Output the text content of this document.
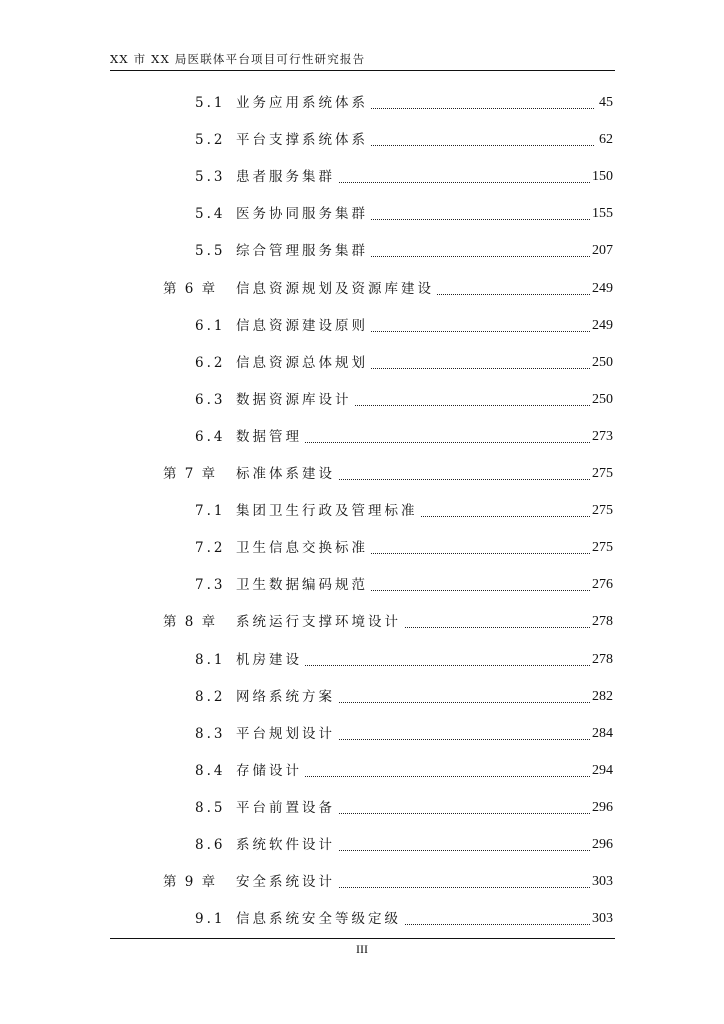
XX 市 XX 局医联体平台项目可行性研究报告
5.1 业务应用系统体系	45
5.2 平台支撑系统体系	62
5.3 患者服务集群	150
5.4 医务协同服务集群	155
5.5 综合管理服务集群	207
第 6 章 信息资源规划及资源库建设	249
6.1 信息资源建设原则	249
6.2 信息资源总体规划	250
6.3 数据资源库设计	250
6.4 数据管理	273
第 7 章 标准体系建设	275
7.1 集团卫生行政及管理标准	275
7.2 卫生信息交换标准	275
7.3 卫生数据编码规范	276
第 8 章 系统运行支撑环境设计	278
8.1 机房建设	278
8.2 网络系统方案	282
8.3 平台规划设计	284
8.4 存储设计	294
8.5 平台前置设备	296
8.6 系统软件设计	296
第 9 章 安全系统设计	303
9.1 信息系统安全等级定级	303
III
